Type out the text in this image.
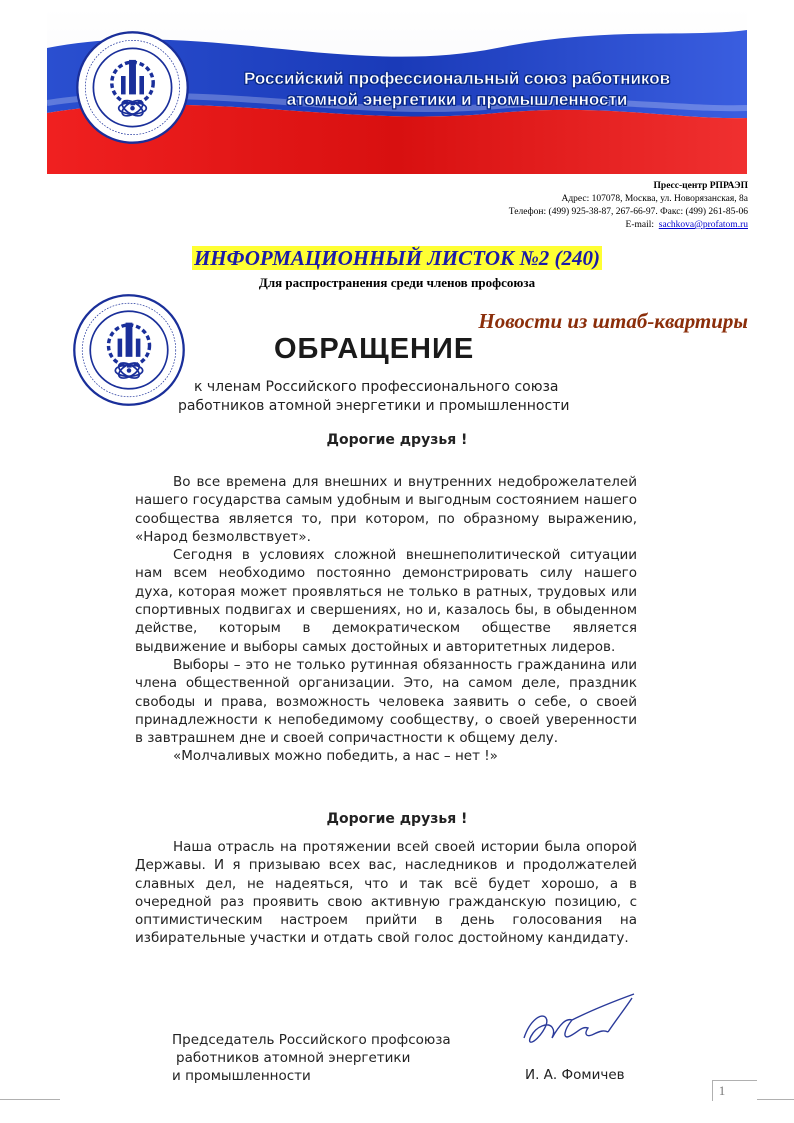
Российский профессиональный союз работников
атомной энергетики и промышленности
Пресс-центр РПРАЭП
Адрес: 107078, Москва, ул. Новорязанская, 8а
Телефон: (499) 925-38-87, 267-66-97. Факс: (499) 261-85-06
E-mail: sachkova@profatom.ru
ИНФОРМАЦИОННЫЙ ЛИСТОК №2 (240)
Для распространения среди членов профсоюза
Новости из штаб-квартиры
ОБРАЩЕНИЕ
к членам Российского профессионального союза
работников атомной энергетики и промышленности
Дорогие друзья !

Во все времена для внешних и внутренних недоброжелателей нашего государства самым удобным и выгодным состоянием нашего сообщества является то, при котором, по образному выражению, «Народ безмолвствует».

Сегодня в условиях сложной внешнеполитической ситуации нам всем необходимо постоянно демонстрировать силу нашего духа, которая может проявляться не только в ратных, трудовых или спортивных подвигах и свершениях, но и, казалось бы, в обыденном действе, которым в демократическом обществе является выдвижение и выборы самых достойных и авторитетных лидеров.

Выборы – это не только рутинная обязанность гражданина или члена общественной организации. Это, на самом деле, праздник свободы и права, возможность человека заявить о себе, о своей принадлежности к непобедимому сообществу, о своей уверенности в завтрашнем дне и своей сопричастности к общему делу.

«Молчаливых можно победить, а нас – нет !»

Дорогие друзья !

Наша отрасль на протяжении всей своей истории была опорой Державы. И я призываю всех вас, наследников и продолжателей славных дел, не надеяться, что и так всё будет хорошо, а в очередной раз проявить свою активную гражданскую позицию, с оптимистическим настроем прийти в день голосования на избирательные участки и отдать свой голос достойному кандидату.

Председатель Российского профсоюза
работников атомной энергетики
и промышленности	И. А. Фомичев
1
